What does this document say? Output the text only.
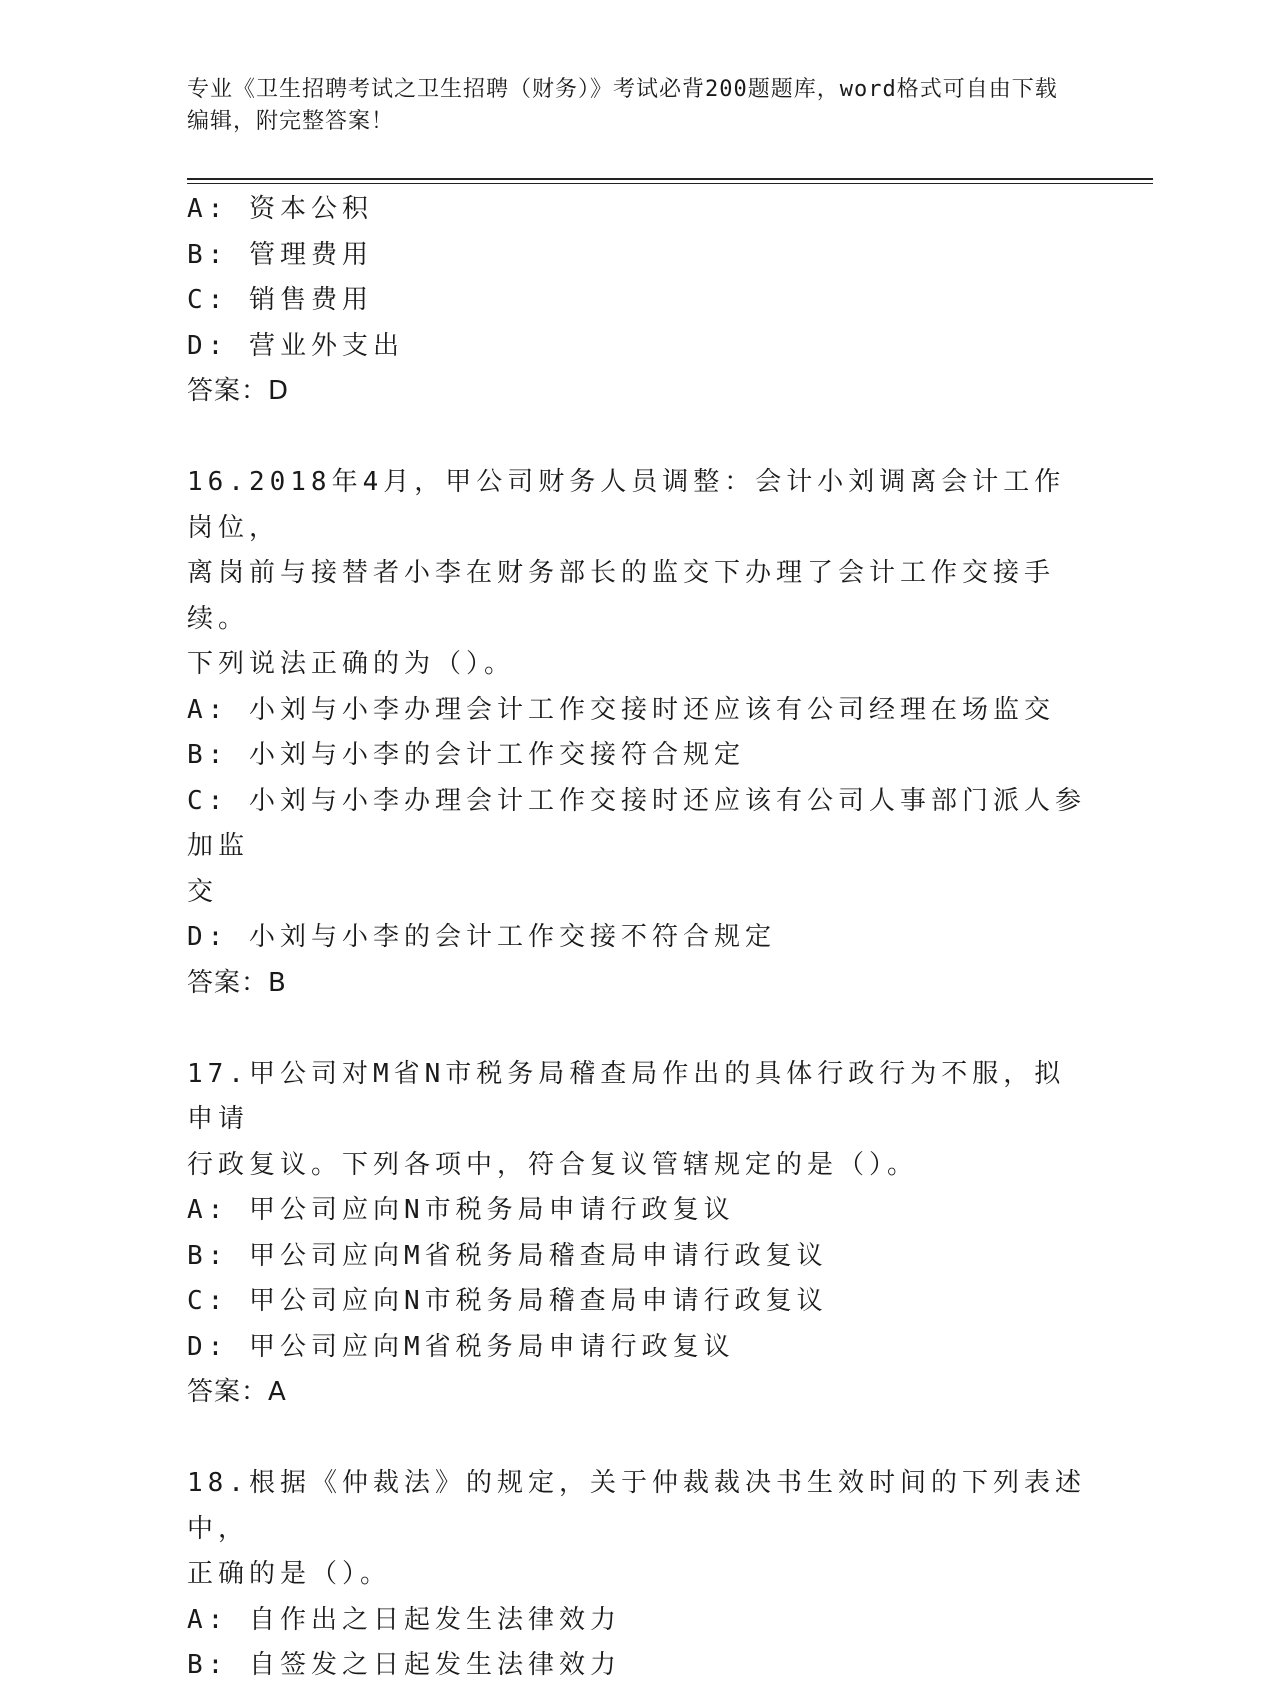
专业《卫生招聘考试之卫生招聘（财务）》考试必背200题题库，word格式可自由下载编辑，附完整答案！
A: 资本公积
B: 管理费用
C: 销售费用
D: 营业外支出
答案：D
16.2018年4月，甲公司财务人员调整：会计小刘调离会计工作岗位，
离岗前与接替者小李在财务部长的监交下办理了会计工作交接手续。
下列说法正确的为（）。
A: 小刘与小李办理会计工作交接时还应该有公司经理在场监交
B: 小刘与小李的会计工作交接符合规定
C: 小刘与小李办理会计工作交接时还应该有公司人事部门派人参加监
交
D: 小刘与小李的会计工作交接不符合规定
答案：B
17.甲公司对M省N市税务局稽查局作出的具体行政行为不服，拟申请
行政复议。下列各项中，符合复议管辖规定的是（）。
A: 甲公司应向N市税务局申请行政复议
B: 甲公司应向M省税务局稽查局申请行政复议
C: 甲公司应向N市税务局稽查局申请行政复议
D: 甲公司应向M省税务局申请行政复议
答案：A
18.根据《仲裁法》的规定，关于仲裁裁决书生效时间的下列表述中，
正确的是（）。
A: 自作出之日起发生法律效力
B: 自签发之日起发生法律效力
